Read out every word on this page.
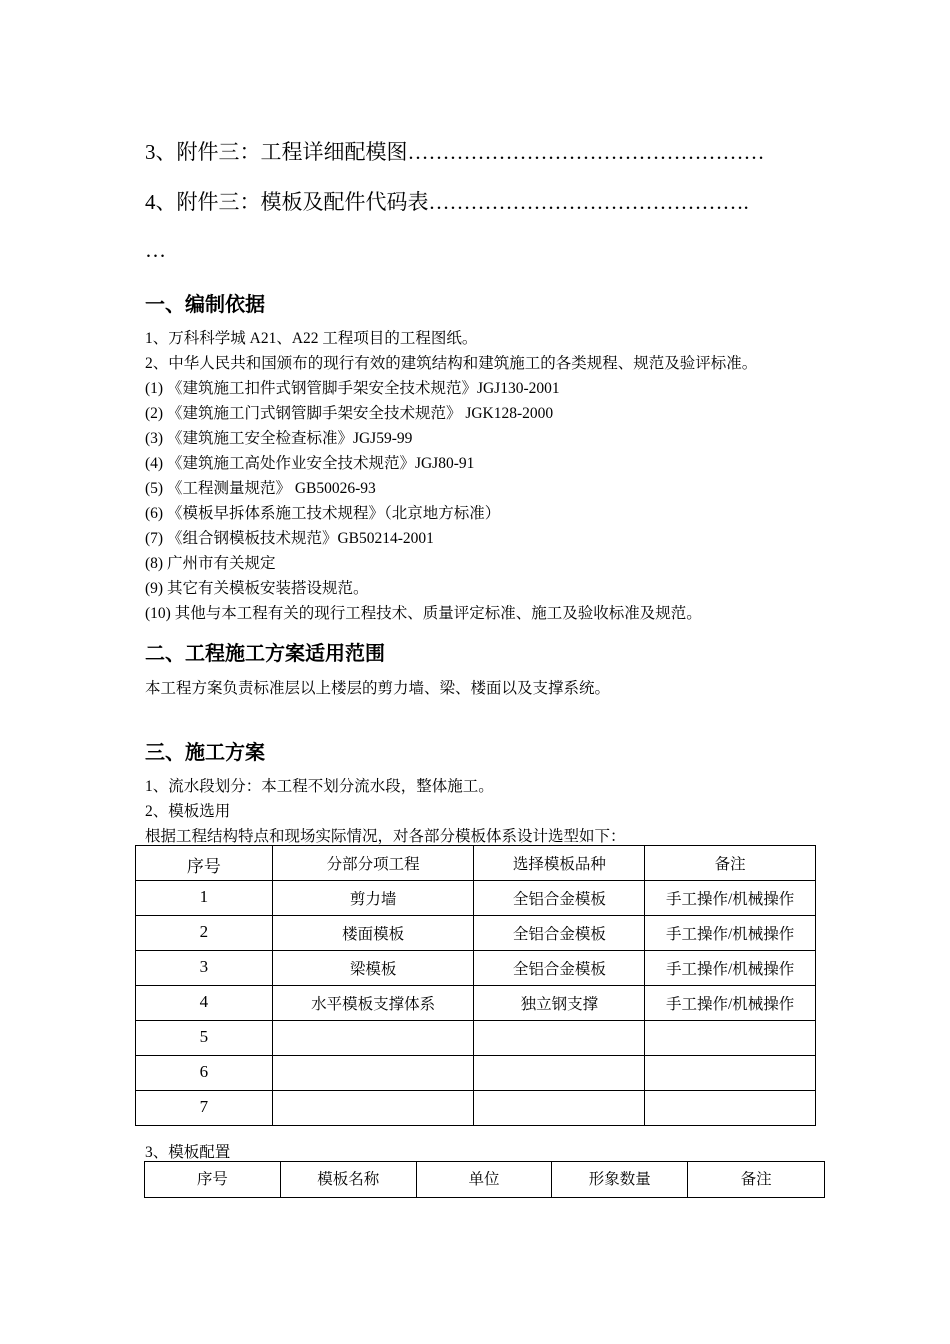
3、附件三：工程详细配模图……………………………………………
4、附件三：模板及配件代码表……………………………………….
…
一、编制依据
1、万科科学城 A21、A22 工程项目的工程图纸。
2、中华人民共和国颁布的现行有效的建筑结构和建筑施工的各类规程、规范及验评标准。
(1) 《建筑施工扣件式钢管脚手架安全技术规范》JGJ130-2001
(2) 《建筑施工门式钢管脚手架安全技术规范》 JGK128-2000
(3) 《建筑施工安全检查标准》JGJ59-99
(4) 《建筑施工高处作业安全技术规范》JGJ80-91
(5) 《工程测量规范》 GB50026-93
(6) 《模板早拆体系施工技术规程》（北京地方标准）
(7) 《组合钢模板技术规范》GB50214-2001
(8) 广州市有关规定
(9) 其它有关模板安装搭设规范。
(10) 其他与本工程有关的现行工程技术、质量评定标准、施工及验收标准及规范。
二、工程施工方案适用范围
本工程方案负责标准层以上楼层的剪力墙、梁、楼面以及支撑系统。
三、施工方案
1、流水段划分：本工程不划分流水段，整体施工。
2、模板选用
根据工程结构特点和现场实际情况，对各部分模板体系设计选型如下：
序号	分部分项工程	选择模板品种	备注
1	剪力墙	全铝合金模板	手工操作/机械操作
2	楼面模板	全铝合金模板	手工操作/机械操作
3	梁模板	全铝合金模板	手工操作/机械操作
4	水平模板支撑体系	独立钢支撑	手工操作/机械操作
5			
6			
7			
3、模板配置
序号	模板名称	单位	形象数量	备注
